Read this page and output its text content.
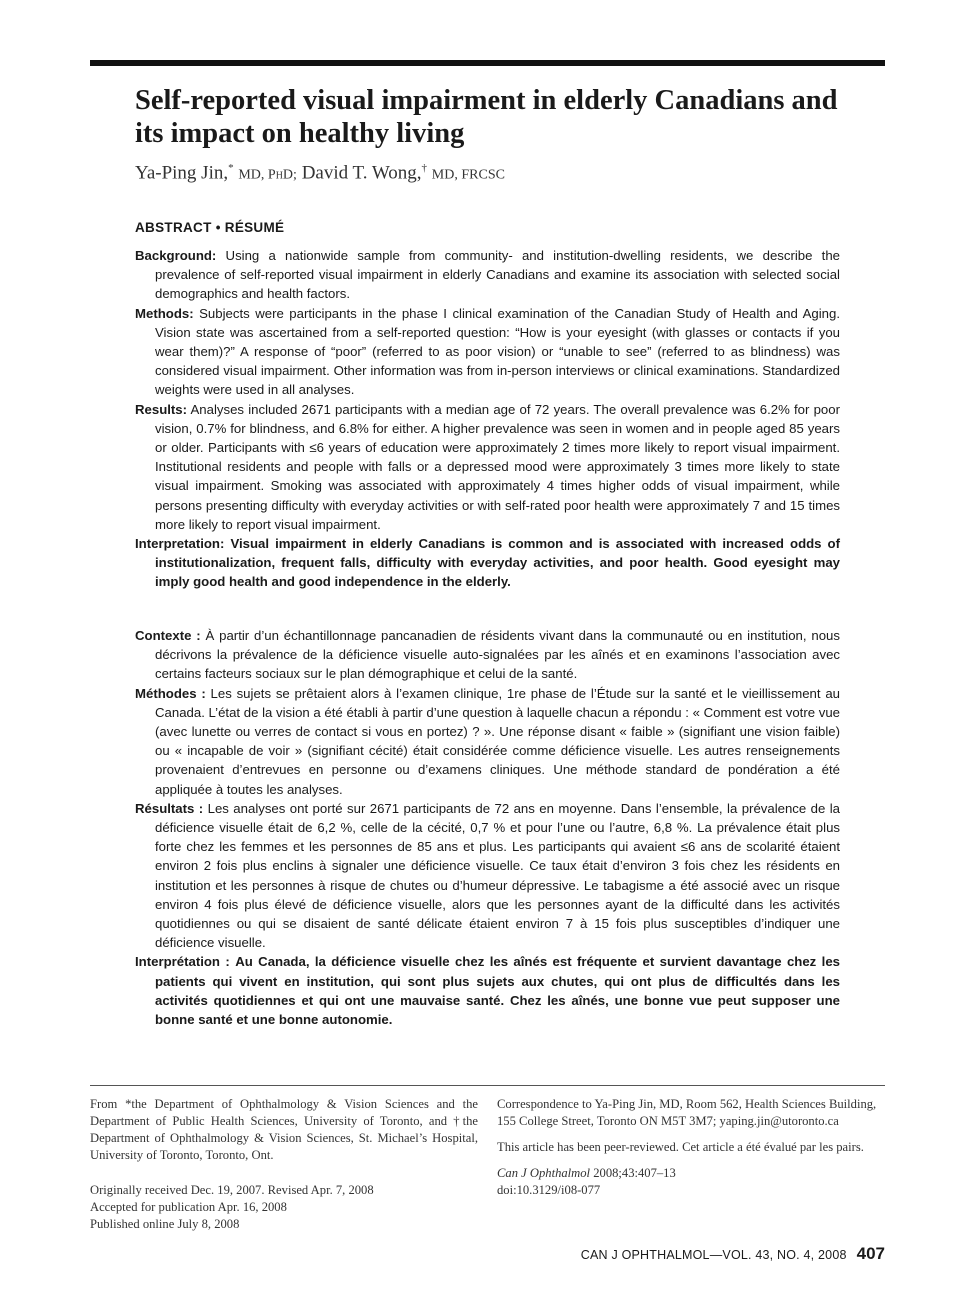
Self-reported visual impairment in elderly Canadians and its impact on healthy living
Ya-Ping Jin,* MD, PhD; David T. Wong,† MD, FRCSC
ABSTRACT • RÉSUMÉ

Background: Using a nationwide sample from community- and institution-dwelling residents, we describe the prevalence of self-reported visual impairment in elderly Canadians and examine its association with selected social demographics and health factors.

Methods: Subjects were participants in the phase I clinical examination of the Canadian Study of Health and Aging. Vision state was ascertained from a self-reported question: “How is your eyesight (with glasses or contacts if you wear them)?” A response of “poor” (referred to as poor vision) or “unable to see” (referred to as blindness) was considered visual impairment. Other information was from in-person interviews or clinical examinations. Standardized weights were used in all analyses.

Results: Analyses included 2671 participants with a median age of 72 years. The overall prevalence was 6.2% for poor vision, 0.7% for blindness, and 6.8% for either. A higher prevalence was seen in women and in people aged 85 years or older. Participants with ≤6 years of education were approximately 2 times more likely to report visual impairment. Institutional residents and people with falls or a depressed mood were approximately 3 times more likely to state visual impairment. Smoking was associated with approximately 4 times higher odds of visual impairment, while persons presenting difficulty with everyday activities or with self-rated poor health were approximately 7 and 15 times more likely to report visual impairment.

Interpretation: Visual impairment in elderly Canadians is common and is associated with increased odds of institutionalization, frequent falls, difficulty with everyday activities, and poor health. Good eyesight may imply good health and good independence in the elderly.

Contexte : À partir d’un échantillonnage pancanadien de résidents vivant dans la communauté ou en institution, nous décrivons la prévalence de la déficience visuelle auto-signalées par les aînés et en examinons l’association avec certains facteurs sociaux sur le plan démographique et celui de la santé.

Méthodes : Les sujets se prêtaient alors à l’examen clinique, 1re phase de l’Étude sur la santé et le vieillissement au Canada. L’état de la vision a été établi à partir d’une question à laquelle chacun a répondu : « Comment est votre vue (avec lunette ou verres de contact si vous en portez) ? ». Une réponse disant « faible » (signifiant une vision faible) ou « incapable de voir » (signifiant cécité) était considérée comme déficience visuelle. Les autres renseignements provenaient d’entrevues en personne ou d’examens cliniques. Une méthode standard de pondération a été appliquée à toutes les analyses.

Résultats : Les analyses ont porté sur 2671 participants de 72 ans en moyenne. Dans l’ensemble, la prévalence de la déficience visuelle était de 6,2 %, celle de la cécité, 0,7 % et pour l’une ou l’autre, 6,8 %. La prévalence était plus forte chez les femmes et les personnes de 85 ans et plus. Les participants qui avaient ≤6 ans de scolarité étaient environ 2 fois plus enclins à signaler une déficience visuelle. Ce taux était d’environ 3 fois chez les résidents en institution et les personnes à risque de chutes ou d’humeur dépressive. Le tabagisme a été associé avec un risque environ 4 fois plus élevé de déficience visuelle, alors que les personnes ayant de la difficulté dans les activités quotidiennes ou qui se disaient de santé délicate étaient environ 7 à 15 fois plus susceptibles d’indiquer une déficience visuelle.

Interprétation : Au Canada, la déficience visuelle chez les aînés est fréquente et survient davantage chez les patients qui vivent en institution, qui sont plus sujets aux chutes, qui ont plus de difficultés dans les activités quotidiennes et qui ont une mauvaise santé. Chez les aînés, une bonne vue peut supposer une bonne santé et une bonne autonomie.

From *the Department of Ophthalmology & Vision Sciences and the Department of Public Health Sciences, University of Toronto, and †the Department of Ophthalmology & Vision Sciences, St. Michael’s Hospital, University of Toronto, Toronto, Ont.

Originally received Dec. 19, 2007. Revised Apr. 7, 2008

Accepted for publication Apr. 16, 2008

Published online July 8, 2008

Correspondence to Ya-Ping Jin, MD, Room 562, Health Sciences Building, 155 College Street, Toronto ON M5T 3M7; yaping.jin@utoronto.ca

This article has been peer-reviewed. Cet article a été évalué par les pairs.

Can J Ophthalmol 2008;43:407–13

doi:10.3129/i08-077

CAN J OPHTHALMOL—VOL. 43, NO. 4, 2008 407
